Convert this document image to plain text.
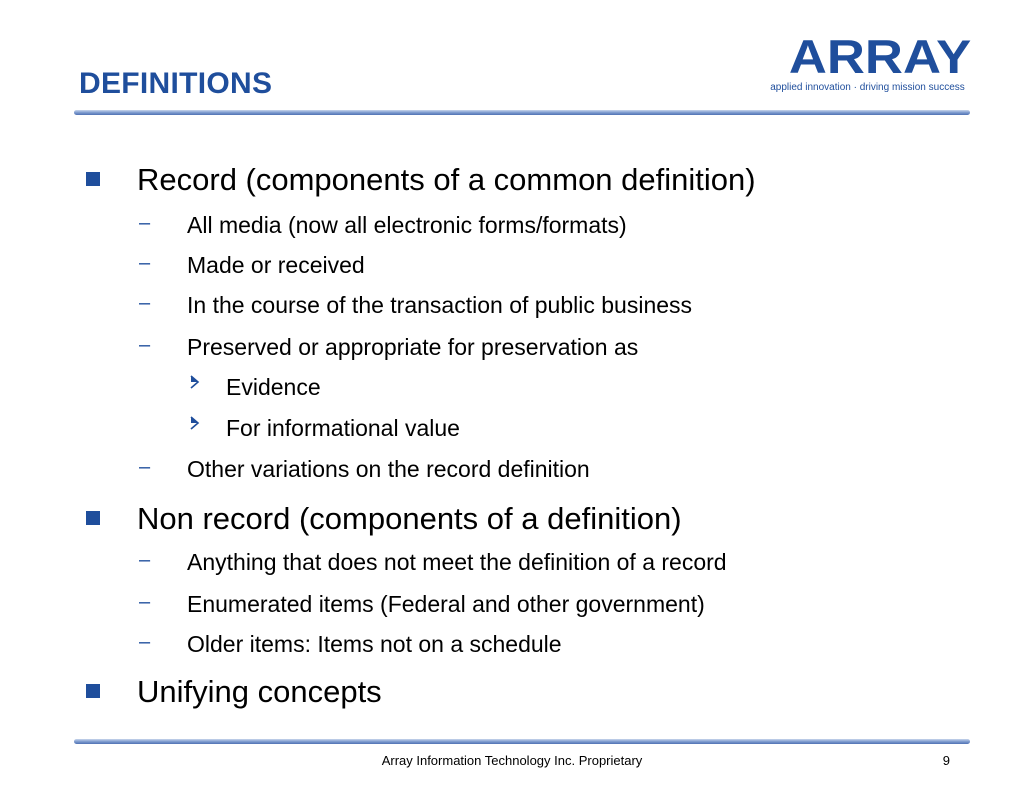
DEFINITIONS
ARRAY
applied innovation · driving mission success
Record (components of a common definition)
– All media (now all electronic forms/formats)
– Made or received
– In the course of the transaction of public business
– Preserved or appropriate for preservation as
Evidence
For informational value
– Other variations on the record definition
Non record (components of a definition)
– Anything that does not meet the definition of a record
– Enumerated items (Federal and other government)
– Older items: Items not on a schedule
Unifying concepts
Array Information Technology Inc. Proprietary	9
